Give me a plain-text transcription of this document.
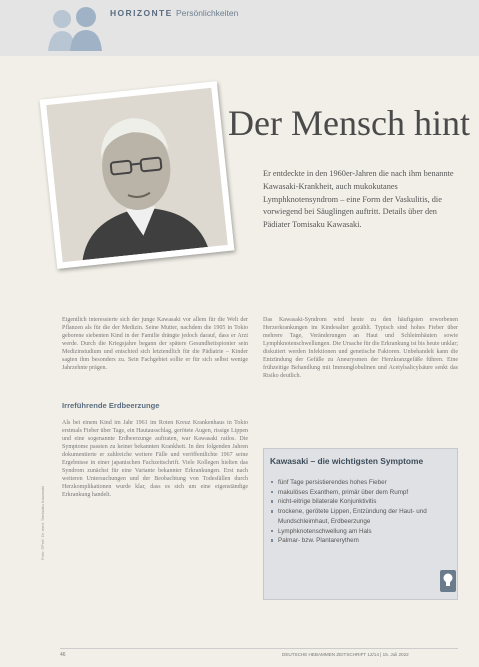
HORIZONTE Persönlichkeiten
Der Mensch hint
Er entdeckte in den 1960er-Jahren die nach ihm benannte Kawasaki-Krankheit, auch mukokutanes Lymphknotensyndrom – eine Form der Vaskulitis, die vorwiegend bei Säuglingen auftritt. Details über den Pädiater Tomisaku Kawasaki.
Eigentlich interessierte sich der junge Kawasaki vor allem für die Welt der Pflanzen als für die der Medizin. Seine Mutter, nachdem die 1905 in Tokio geborene siebenten Kind in der Familie drängte jedoch darauf, dass er Arzt werde. Durch die Kriegsjahre begann der spätere Gesundheitspionier sein Medizinstudium und entschied sich letztendlich für die Pädiatrie – Kinder sagten ihm besonders zu. Sein Fachgebiet sollte er für sich selbst wenige Jahrzehnte prägen.
Irreführende Erdbeerzunge
Als bei einem Kind im Jahr 1961 im Roten Kreuz Krankenhaus in Tokio erstmals Fieber über Tage, ein Hautausschlag, gerötete Augen, rissige Lippen und eine sogenannte Erdbeerzunge auftraten, war Kawasaki ratlos. Die Symptome passten zu keiner bekannten Krankheit. In den folgenden Jahren dokumentierte er zahlreiche weitere Fälle und veröffentlichte 1967 seine Ergebnisse in einer japanischen Fachzeitschrift. Viele Kollegen hielten das Syndrom zunächst für eine Variante bekannter Erkrankungen. Erst nach weiteren Untersuchungen und der Beobachtung von Todesfällen durch Herzkomplikationen wurde klar, dass es sich um eine eigenständige Erkrankung handelt.
Das Kawasaki-Syndrom wird heute zu den häufigsten erworbenen Herzerkrankungen im Kindesalter gezählt. Typisch sind hohes Fieber über mehrere Tage, Veränderungen an Haut und Schleimhäuten sowie Lymphknotenschwellungen. Die Ursache für die Erkrankung ist bis heute unklar; diskutiert werden Infektionen und genetische Faktoren. Unbehandelt kann die Entzündung der Gefäße zu Aneurysmen der Herzkranzgefäße führen. Eine frühzeitige Behandlung mit Immunglobulinen und Acetylsalicylsäure senkt das Risiko deutlich.
Kawasaki – die wichtigsten Symptome
fünf Tage persistierendes hohes Fieber
makulöses Exanthem, primär über dem Rumpf
nicht-eitrige bilaterale Konjunktivitis
trockene, gerötete Lippen, Entzündung der Haut- und Mundschleimhaut, Erdbeerzunge
Lymphknotenschwellung am Hals
Palmar- bzw. Plantarerythem
Foto: ©Prof. Dr. med. Tomisaku Kawasaki
46	DEUTSCHE HEBAMMEN ZEITSCHRIFT 12/14 | 15. Juli 2022
